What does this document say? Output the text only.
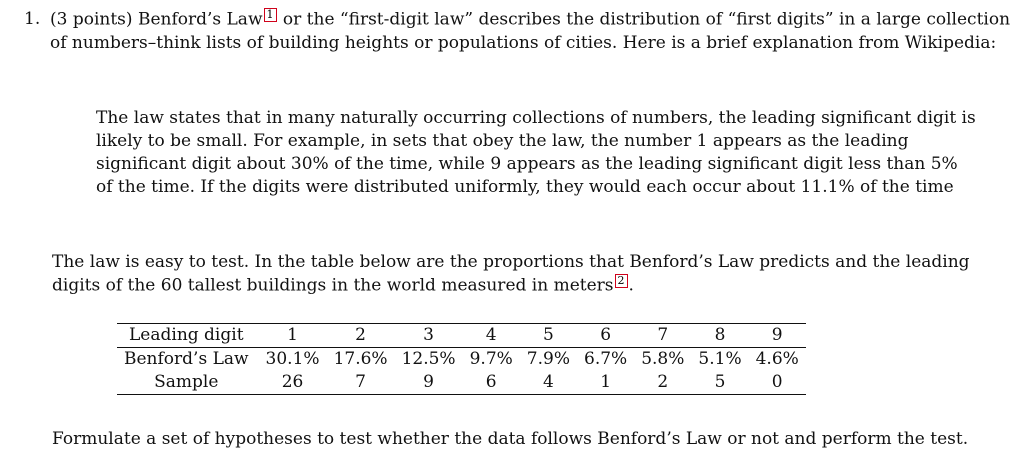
1. (3 points) Benford’s Law 1 or the “first-digit law” describes the distribution of “first digits” in a large collection of numbers–think lists of building heights or populations of cities. Here is a brief explanation from Wikipedia:
The law states that in many naturally occurring collections of numbers, the leading significant digit is likely to be small. For example, in sets that obey the law, the number 1 appears as the leading significant digit about 30% of the time, while 9 appears as the leading significant digit less than 5% of the time. If the digits were distributed uniformly, they would each occur about 11.1% of the time
The law is easy to test. In the table below are the proportions that Benford’s Law predicts and the leading digits of the 60 tallest buildings in the world measured in meters 2 .
Leading digit	1	2	3	4	5	6	7	8	9
Benford’s Law	30.1%	17.6%	12.5%	9.7%	7.9%	6.7%	5.8%	5.1%	4.6%
Sample	26	7	9	6	4	1	2	5	0
Formulate a set of hypotheses to test whether the data follows Benford’s Law or not and perform the test.
